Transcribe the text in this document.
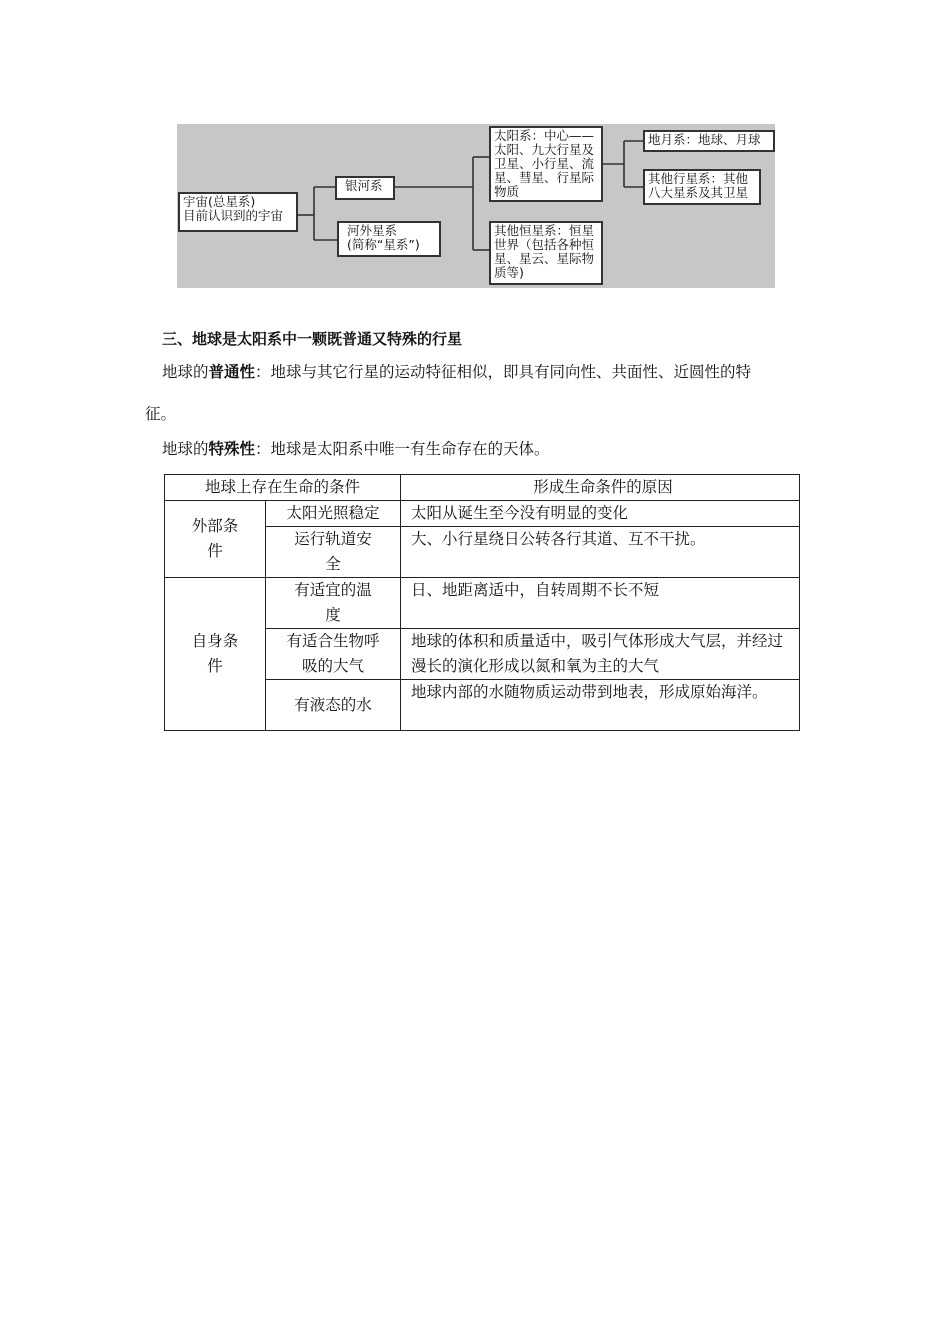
宇宙(总星系)
目前认识到的宇宙
银河系
河外星系
(简称“星系”)
太阳系：中心——
太阳、九大行星及
卫星、小行星、流
星、彗星、行星际
物质
其他恒星系：恒星
世界（包括各种恒
星、星云、星际物
质等)
地月系：地球、月球
其他行星系：其他
八大星系及其卫星
三、地球是太阳系中一颗既普通又特殊的行星
地球的普通性：地球与其它行星的运动特征相似，即具有同向性、共面性、近圆性的特
征。
地球的特殊性：地球是太阳系中唯一有生命存在的天体。
地球上存在生命的条件		形成生命条件的原因

外部条件	太阳光照稳定	太阳从诞生至今没有明显的变化

	运行轨道安全	大、小行星绕日公转各行其道、互不干扰。

自身条件	有适宜的温度	日、地距离适中，自转周期不长不短

	有适合生物呼吸的大气	地球的体积和质量适中，吸引气体形成大气层，并经过漫长的演化形成以氮和氧为主的大气
	有液态的水	地球内部的水随物质运动带到地表，形成原始海洋。
